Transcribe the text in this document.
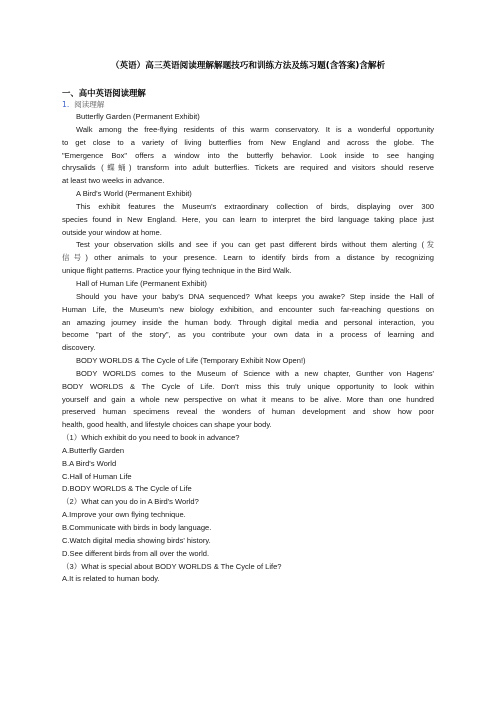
（英语）高三英语阅读理解解题技巧和训练方法及练习题(含答案)含解析
一、高中英语阅读理解
1. 阅读理解
Butterfly Garden (Permanent Exhibit)
Walk among the free-flying residents of this warm conservatory. It is a wonderful opportunity
to get close to a variety of living butterflies from New England and across the globe. The
"Emergence Box" offers a window into the butterfly behavior. Look inside to see hanging
chrysalids (蝶蛹) transform into adult butterflies. Tickets are required and visitors should reserve
at least two weeks in advance.
A Bird's World (Permanent Exhibit)
This exhibit features the Museum's extraordinary collection of birds, displaying over 300
species found in New England. Here, you can learn to interpret the bird language taking place just
outside your window at home.
Test your observation skills and see if you can get past different birds without them alerting (发
信号) other animals to your presence. Learn to identify birds from a distance by recognizing
unique flight patterns. Practice your flying technique in the Bird Walk.
Hall of Human Life (Permanent Exhibit)
Should you have your baby's DNA sequenced? What keeps you awake? Step inside the Hall of
Human Life, the Museum's new biology exhibition, and encounter such far-reaching questions on
an amazing journey inside the human body. Through digital media and personal interaction, you
become "part of the story", as you contribute your own data in a process of learning and
discovery.
BODY WORLDS & The Cycle of Life (Temporary Exhibit Now Open!)
BODY WORLDS comes to the Museum of Science with a new chapter, Gunther von Hagens'
BODY WORLDS & The Cycle of Life. Don't miss this truly unique opportunity to look within
yourself and gain a whole new perspective on what it means to be alive. More than one hundred
preserved human specimens reveal the wonders of human development and show how poor
health, good health, and lifestyle choices can shape your body.
（1）Which exhibit do you need to book in advance?
A.Butterfly Garden
B.A Bird's World
C.Hall of Human Life
D.BODY WORLDS & The Cycle of Life
（2）What can you do in A Bird's World?
A.Improve your own flying technique.
B.Communicate with birds in body language.
C.Watch digital media showing birds' history.
D.See different birds from all over the world.
（3）What is special about BODY WORLDS & The Cycle of Life?
A.It is related to human body.
